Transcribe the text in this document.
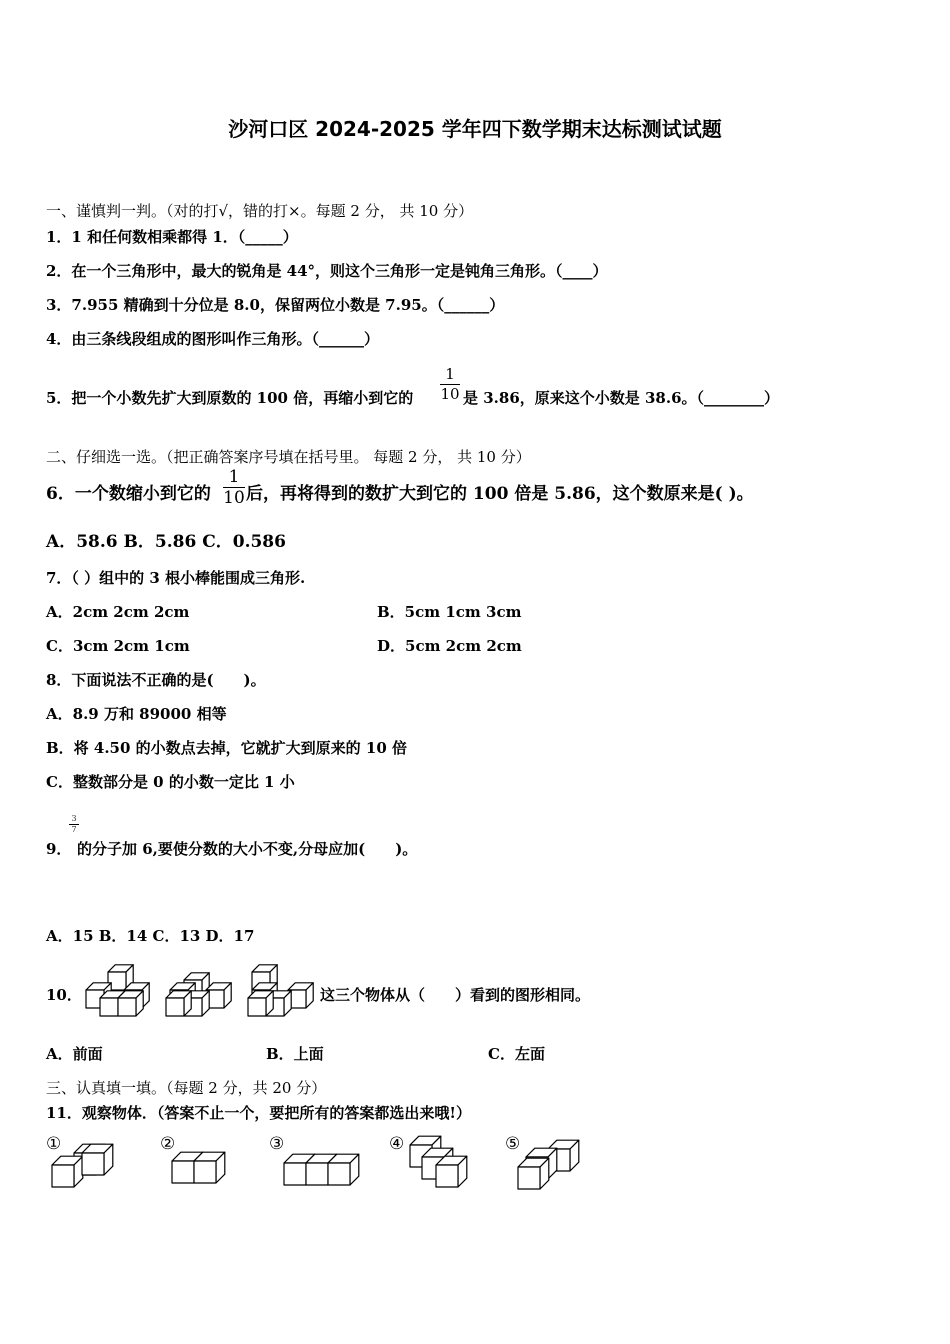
沙河口区 2024-2025 学年四下数学期末达标测试试题
一、谨慎判一判。（对的打√，错的打×。每题 2 分， 共 10 分）
1．1 和任何数相乘都得 1．（_____）
2．在一个三角形中，最大的锐角是 44°，则这个三角形一定是钝角三角形。（____）
3．7.955 精确到十分位是 8.0，保留两位小数是 7.95。（______）
4．由三条线段组成的图形叫作三角形。（______）
5．把一个小数先扩大到原数的 100 倍，再缩小到它的
1
10 是 3.86，原来这个小数是 38.6。（________）
二、仔细选一选。（把正确答案序号填在括号里。 每题 2 分， 共 10 分）
6．一个数缩小到它的
1
10 后，再将得到的数扩大到它的 100 倍是 5.86，这个数原来是( )。
A．58.6 B．5.86 C．0.586
7．（ ）组中的 3 根小棒能围成三角形.
A．2cm 2cm 2cm	B．5cm 1cm 3cm
C．3cm 2cm 1cm	D．5cm 2cm 2cm
8．下面说法不正确的是(　　)。
A．8.9 万和 89000 相等
B．将 4.50 的小数点去掉，它就扩大到原来的 10 倍
C．整数部分是 0 的小数一定比 1 小
9．
3
7
的分子加 6,要使分数的大小不变,分母应加(　　)。
A．15 B．14 C．13 D．17
10．	这三个物体从（　　）看到的图形相同。
A．前面	B．上面	C．左面
三、认真填一填。（每题 2 分，共 20 分）
11．观察物体．（答案不止一个，要把所有的答案都选出来哦!）
①	②	③	④	⑤
